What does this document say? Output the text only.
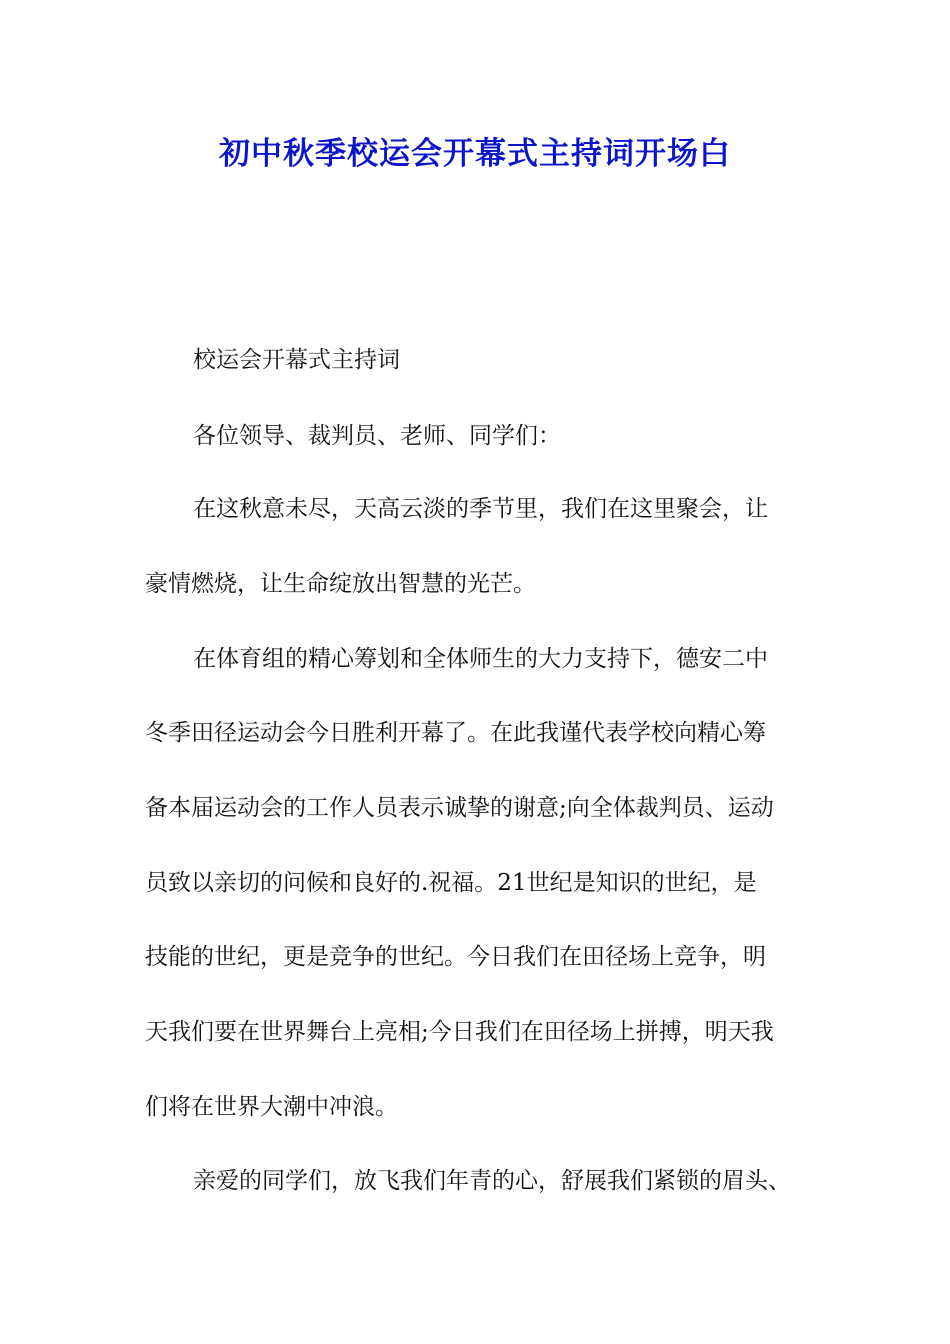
初中秋季校运会开幕式主持词开场白

校运会开幕式主持词

各位领导、裁判员、老师、同学们：

在这秋意未尽，天高云淡的季节里，我们在这里聚会，让

豪情燃烧，让生命绽放出智慧的光芒。

在体育组的精心筹划和全体师生的大力支持下，德安二中

冬季田径运动会今日胜利开幕了。在此我谨代表学校向精心筹

备本届运动会的工作人员表示诚挚的谢意;向全体裁判员、运动

员致以亲切的问候和良好的.祝福。21世纪是知识的世纪，是

技能的世纪，更是竞争的世纪。今日我们在田径场上竞争，明

天我们要在世界舞台上亮相;今日我们在田径场上拼搏，明天我

们将在世界大潮中冲浪。

亲爱的同学们，放飞我们年青的心，舒展我们紧锁的眉头、
